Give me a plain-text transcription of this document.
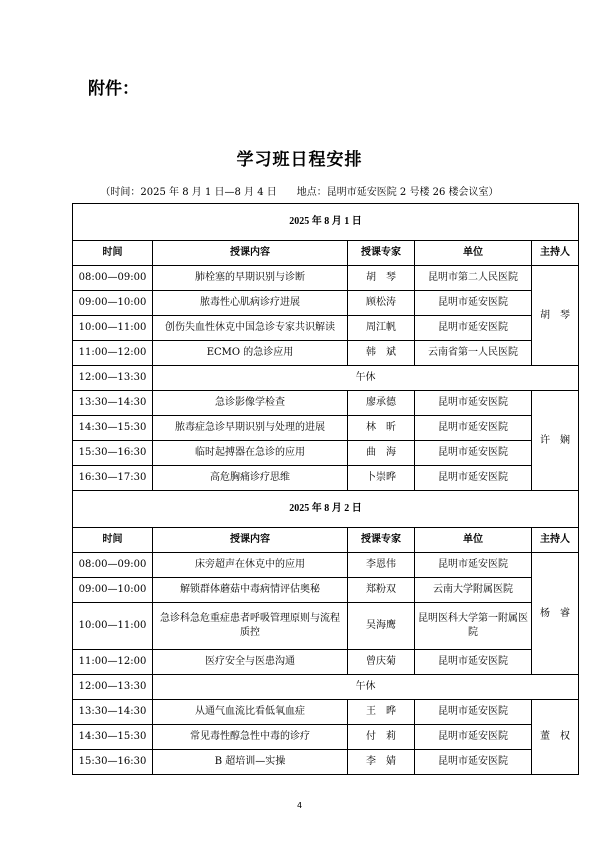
附件：
学习班日程安排
（时间：2025 年 8 月 1 日—8 月 4 日　　地点：昆明市延安医院 2 号楼 26 楼会议室）
2025 年 8 月 1 日				
时间	授课内容	授课专家	单位	主持人
08:00—09:00	肺栓塞的早期识别与诊断	胡　琴	昆明市第二人民医院	胡　琴
09:00—10:00	脓毒性心肌病诊疗进展	顾松涛	昆明市延安医院	
10:00—11:00	创伤失血性休克中国急诊专家共识解读	周江帆	昆明市延安医院	
11:00—12:00	ECMO 的急诊应用	韩　斌	云南省第一人民医院	
12:00—13:30	午休			
13:30—14:30	急诊影像学检查	廖承德	昆明市延安医院	许　娴
14:30—15:30	脓毒症急诊早期识别与处理的进展	林　昕	昆明市延安医院	
15:30—16:30	临时起搏器在急诊的应用	曲　海	昆明市延安医院	
16:30—17:30	高危胸痛诊疗思维	卜崇晔	昆明市延安医院	
2025 年 8 月 2 日				
时间	授课内容	授课专家	单位	主持人
08:00—09:00	床旁超声在休克中的应用	李恩伟	昆明市延安医院	杨　睿
09:00—10:00	解锁群体蘑菇中毒病情评估奥秘	郑粉双	云南大学附属医院	
10:00—11:00	急诊科急危重症患者呼吸管理原则与流程质控	吴海鹰	昆明医科大学第一附属医院	
11:00—12:00	医疗安全与医患沟通	曾庆菊	昆明市延安医院	
12:00—13:30	午休			
13:30—14:30	从通气血流比看低氧血症	王　晔	昆明市延安医院	董　权
14:30—15:30	常见毒性醇急性中毒的诊疗	付　莉	昆明市延安医院	
15:30—16:30	B 超培训—实操	李　婧	昆明市延安医院	
4
